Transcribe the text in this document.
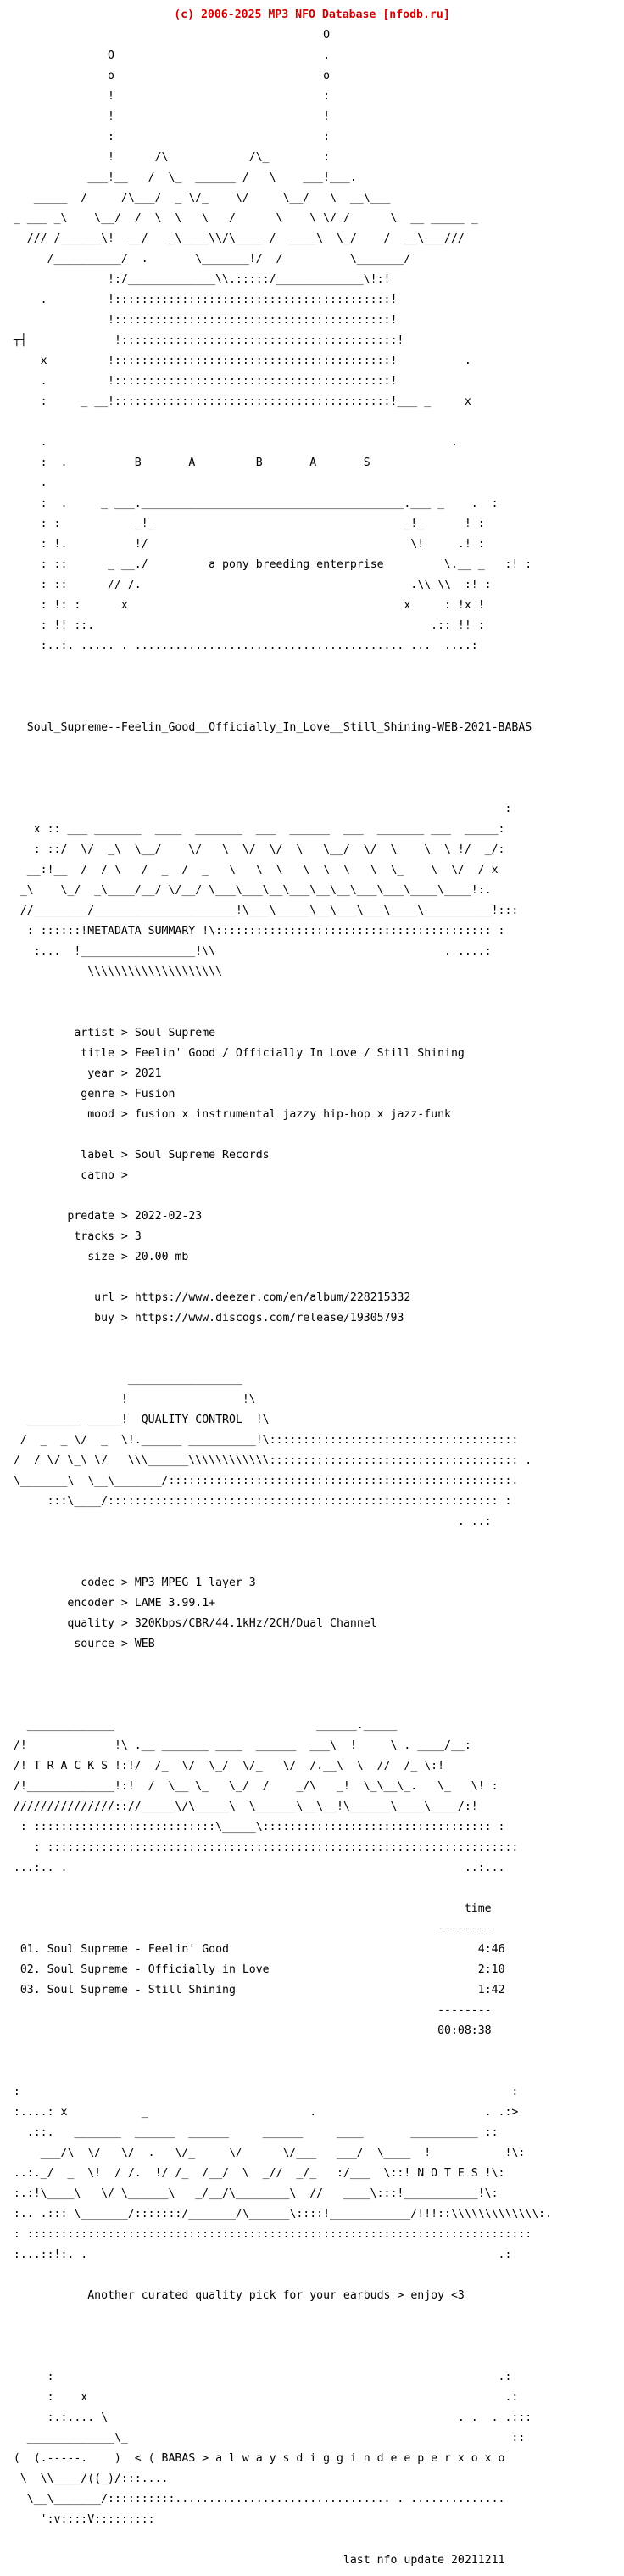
(c) 2006-2025 MP3 NFO Database [nfodb.ru]

O

O                               .

o                               o

!                               :

!                               !

:                               :

!      /\            /\_        :

___!__   /  \_  ______ /   \    ___!___.

_____  /     /\___/  _ \/_    \/     \__/   \  __\___

_ ___ _\    \__/  /  \  \   \   /      \    \ \/ /      \  __ _____ _

/// /______\!  __/   _\____\\/\____ /  ____\  \_/    /  __\___///

/__________/  .       \_______!/  /          \_______/

!:/_____________\\.:::::/_____________\!:!

.         !:::::::::::::::::::::::::::::::::::::::::!

!:::::::::::::::::::::::::::::::::::::::::!

┬┤             !:::::::::::::::::::::::::::::::::::::::::!

x         !:::::::::::::::::::::::::::::::::::::::::!          .

.         !:::::::::::::::::::::::::::::::::::::::::!

:     _ __!:::::::::::::::::::::::::::::::::::::::::!___ _     x

.                                                            .

:  .          B       A         B       A       S

.

:  .     _ ___._______________________________________.___ _    .  :

: :           _!_                                     _!_      ! :

: !.          !/                                       \!     .! :

: ::      _ __./         a pony breeding enterprise         \.__ _   :! :

: ::      // /.                                        .\\ \\  :! :

: !: :      x                                         x     : !x !

: !! ::.                                                  .:: !! :

:..:. ..... . ........................................ ...  ....:

Soul_Supreme--Feelin_Good__Officially_In_Love__Still_Shining-WEB-2021-BABAS

:

x :: ___ _______  ____  _______  ___  ______  ___  _______ ___  _____:

: ::/  \/  _\  \__/    \/   \  \/  \/  \   \__/  \/  \    \  \ !/  _/:

__:!__  /  / \   /  _  /  _   \   \  \   \  \  \   \  \_    \  \/  / x

_\    \_/  _\____/__/ \/__/ \___\___\__\___\__\__\___\___\____\____!:.

//________/_____________________!\___\_____\__\___\___\____\__________!:::

: ::::::!METADATA SUMMARY !\::::::::::::::::::::::::::::::::::::::::: :

:...  !_________________!\\                                  . ....:

\\\\\\\\\\\\\\\\\\\\

artist > Soul Supreme

title > Feelin' Good / Officially In Love / Still Shining

year > 2021

genre > Fusion

mood > fusion x instrumental jazzy hip-hop x jazz-funk

label > Soul Supreme Records

catno >

predate > 2022-02-23

tracks > 3

size > 20.00 mb

url > https://www.deezer.com/en/album/228215332

buy > https://www.discogs.com/release/19305793

_________________

!                 !\

________ _____!  QUALITY CONTROL  !\

/  _  _ \/  _  \!.______ __________!\:::::::::::::::::::::::::::::::::::::

/  / \/ \_\ \/   \\\______\\\\\\\\\\\\::::::::::::::::::::::::::::::::::::: .

\_______\  \__\_______/:::::::::::::::::::::::::::::::::::::::::::::::::::.

:::\____/:::::::::::::::::::::::::::::::::::::::::::::::::::::::::: :

. ..:

codec > MP3 MPEG 1 layer 3

encoder > LAME 3.99.1+

quality > 320Kbps/CBR/44.1kHz/2CH/Dual Channel

source > WEB

_____________                              ______._____

/!             !\ .__ _______ ____  ______  ___\  !     \ . ____/__:

/! T R A C K S !:!/  /_  \/  \_/  \/_   \/  /.__\  \  //  /_ \:!

/!_____________!:!  /  \__ \_   \_/  /    _/\   _!  \_\__\_.   \_   \! :

///////////////:://_____\/\_____\  \______\__\__!\______\____\____/:!

: :::::::::::::::::::::::::::\_____\:::::::::::::::::::::::::::::::::: :

: ::::::::::::::::::::::::::::::::::::::::::::::::::::::::::::::::::::::

...:.. .                                                           ..:...

time

--------

01. Soul Supreme - Feelin' Good	4:46

02. Soul Supreme - Officially in Love	2:10

03. Soul Supreme - Still Shining	1:42

--------

00:08:38

:                                                                         :

:....: x           _                        .                         . .:>

.::.   _______  ______  ______     ______     ____       __________ ::

___/\  \/   \/  .   \/_     \/      \/___   ___/  \____  !           !\:

..:._/  _  \!  / /.  !/ /_  /__/  \  _//  _/_   :/___  \::! N O T E S !\:

:.:!\____\   \/ \______\   _/__/\________\  //   ____\:::!___________!\:

:.. .::: \_______/:::::::/_______/\______\::::!____________/!!!::\\\\\\\\\\\\\:.

: :::::::::::::::::::::::::::::::::::::::::::::::::::::::::::::::::::::::::::

:...::!:. .                                                             .:

Another curated quality pick for your earbuds > enjoy <3

:                                                                  .:

:    x                                                              .:

:.:.... \                                                    . .  . .:::

_____________\_                                                         ::

(  (.-----.    )  < ( BABAS > a l w a y s d i g g i n d e e p e r x o x o

\  \\____/((_)/:::....

\__\_______/::::::::::................................ . ..............

':v::::V:::::::::

last nfo update 20211211
